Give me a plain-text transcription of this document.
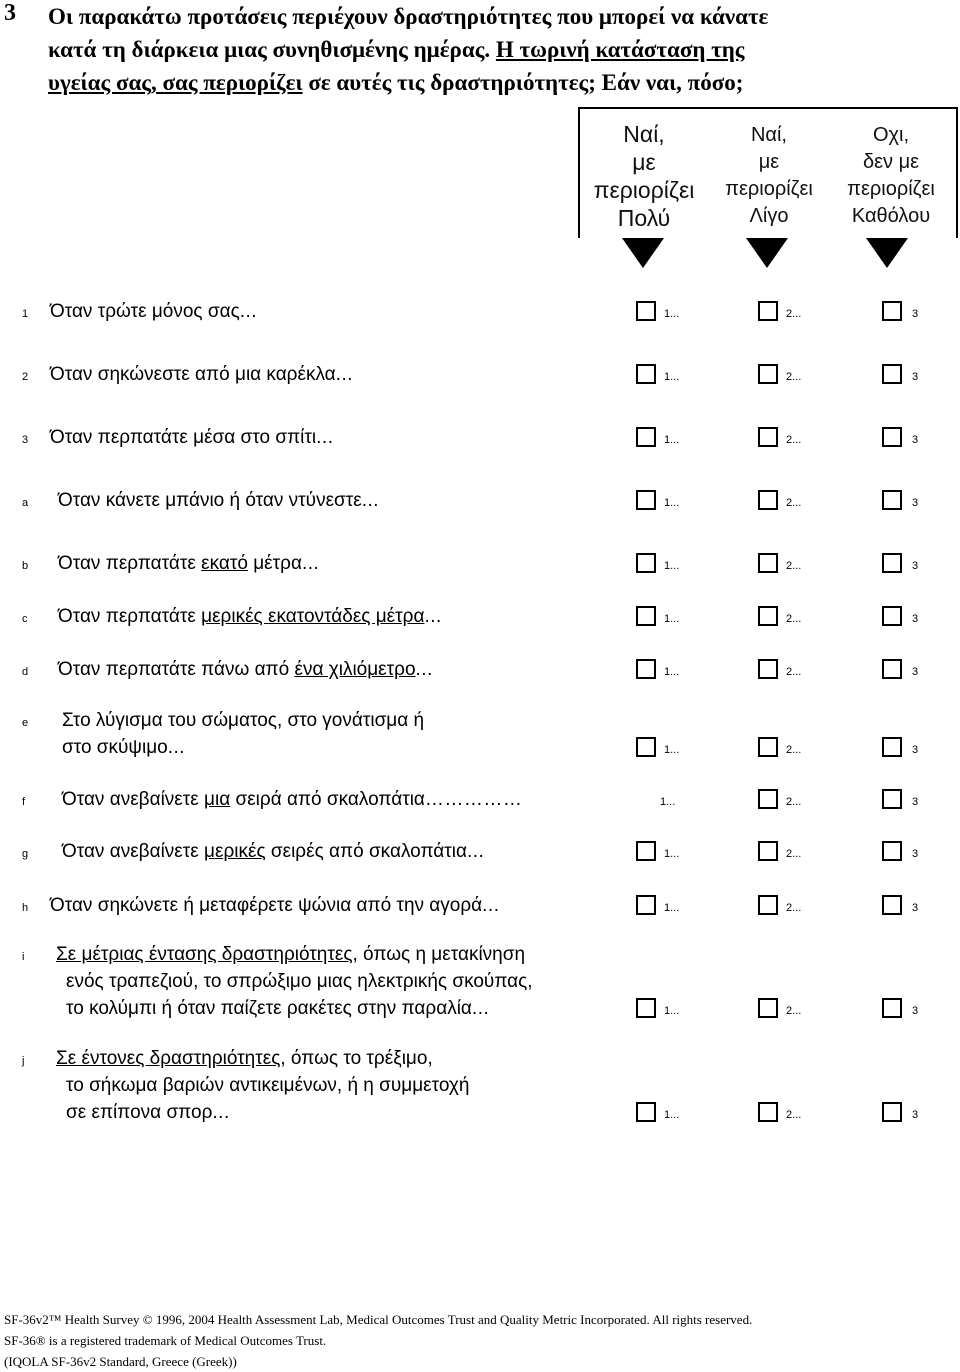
3 Οι παρακάτω προτάσεις περιέχουν δραστηριότητες που μπορεί να κάνατε
κατά τη διάρκεια μιας συνηθισμένης ημέρας. Η τωρινή κατάσταση της
υγείας σας, σας περιορίζει σε αυτές τις δραστηριότητες; Εάν ναι, πόσο;
Ναί,
με
περιορίζει
Πολύ
Ναί,
με
περιορίζει
Λίγο
Οχι,
δεν με
περιορίζει
Καθόλου
1 Όταν τρώτε μόνος σας...	1...	2...	3
2 Όταν σηκώνεστε από μια καρέκλα...	1...	2...	3
3 Όταν περπατάτε μέσα στο σπίτι...	1...	2...	3
a Όταν κάνετε μπάνιο ή όταν ντύνεστε...	1...	2...	3
b Όταν περπατάτε εκατό μέτρα...	1...	2...	3
c Όταν περπατάτε μερικές εκατοντάδες μέτρα...	1...	2...	3
d Όταν περπατάτε πάνω από ένα χιλιόμετρο...	1...	2...	3
e Στο λύγισμα του σώματος, στο γονάτισμα ή
στο σκύψιμο...	1...	2...	3
f Όταν ανεβαίνετε μια σειρά από σκαλοπάτια……………	1...	2...	3
g Όταν ανεβαίνετε μερικές σειρές από σκαλοπάτια...	1...	2...	3
h Όταν σηκώνετε ή μεταφέρετε ψώνια από την αγορά...	1...	2...	3
i Σε μέτριας έντασης δραστηριότητες, όπως η μετακίνηση
ενός τραπεζιού, το σπρώξιμο μιας ηλεκτρικής σκούπας,
το κολύμπι ή όταν παίζετε ρακέτες στην παραλία...	1...	2...	3
j Σε έντονες δραστηριότητες, όπως το τρέξιμο,
το σήκωμα βαριών αντικειμένων, ή η συμμετοχή
σε επίπονα σπορ...	1...	2...	3
SF-36v2™ Health Survey © 1996, 2004 Health Assessment Lab, Medical Outcomes Trust and Quality Metric Incorporated. All rights reserved.
SF-36® is a registered trademark of Medical Outcomes Trust.
(IQOLA SF-36v2 Standard, Greece (Greek))
